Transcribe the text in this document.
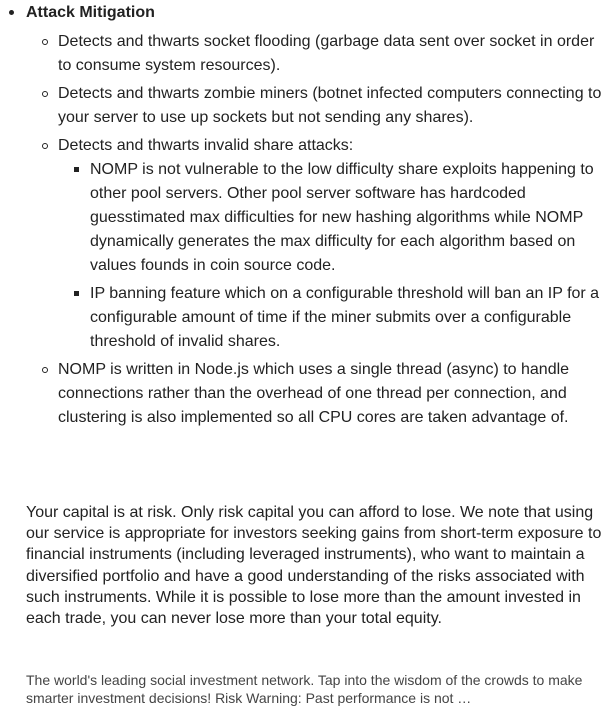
Attack Mitigation
Detects and thwarts socket flooding (garbage data sent over socket in order to consume system resources).
Detects and thwarts zombie miners (botnet infected computers connecting to your server to use up sockets but not sending any shares).
Detects and thwarts invalid share attacks:
NOMP is not vulnerable to the low difficulty share exploits happening to other pool servers. Other pool server software has hardcoded guesstimated max difficulties for new hashing algorithms while NOMP dynamically generates the max difficulty for each algorithm based on values founds in coin source code.
IP banning feature which on a configurable threshold will ban an IP for a configurable amount of time if the miner submits over a configurable threshold of invalid shares.
NOMP is written in Node.js which uses a single thread (async) to handle connections rather than the overhead of one thread per connection, and clustering is also implemented so all CPU cores are taken advantage of.

Your capital is at risk. Only risk capital you can afford to lose. We note that using our service is appropriate for investors seeking gains from short-term exposure to financial instruments (including leveraged instruments), who want to maintain a diversified portfolio and have a good understanding of the risks associated with such instruments. While it is possible to lose more than the amount invested in each trade, you can never lose more than your total equity.

The world's leading social investment network. Tap into the wisdom of the crowds to make smarter investment decisions! Risk Warning: Past performance is not …
